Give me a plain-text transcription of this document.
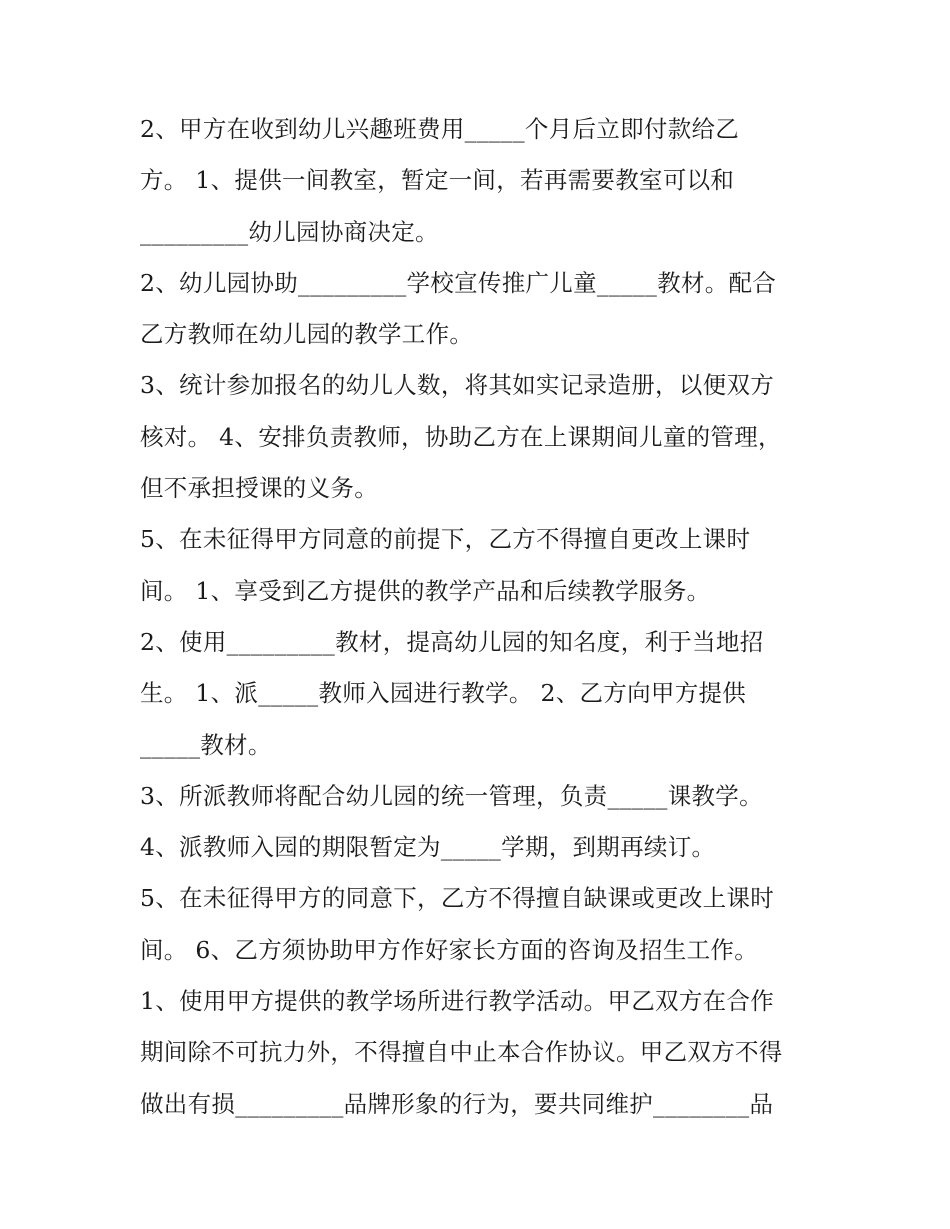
2、甲方在收到幼儿兴趣班费用_____个月后立即付款给乙
方。 1、提供一间教室，暂定一间，若再需要教室可以和
_________幼儿园协商决定。
2、幼儿园协助_________学校宣传推广儿童_____教材。配合
乙方教师在幼儿园的教学工作。
3、统计参加报名的幼儿人数，将其如实记录造册，以便双方
核对。 4、安排负责教师，协助乙方在上课期间儿童的管理，
但不承担授课的义务。
5、在未征得甲方同意的前提下，乙方不得擅自更改上课时
间。 1、享受到乙方提供的教学产品和后续教学服务。
2、使用_________教材，提高幼儿园的知名度，利于当地招
生。 1、派_____教师入园进行教学。 2、乙方向甲方提供
_____教材。
3、所派教师将配合幼儿园的统一管理，负责_____课教学。
4、派教师入园的期限暂定为_____学期，到期再续订。
5、在未征得甲方的同意下，乙方不得擅自缺课或更改上课时
间。 6、乙方须协助甲方作好家长方面的咨询及招生工作。
1、使用甲方提供的教学场所进行教学活动。甲乙双方在合作
期间除不可抗力外，不得擅自中止本合作协议。甲乙双方不得
做出有损_________品牌形象的行为，要共同维护________品
